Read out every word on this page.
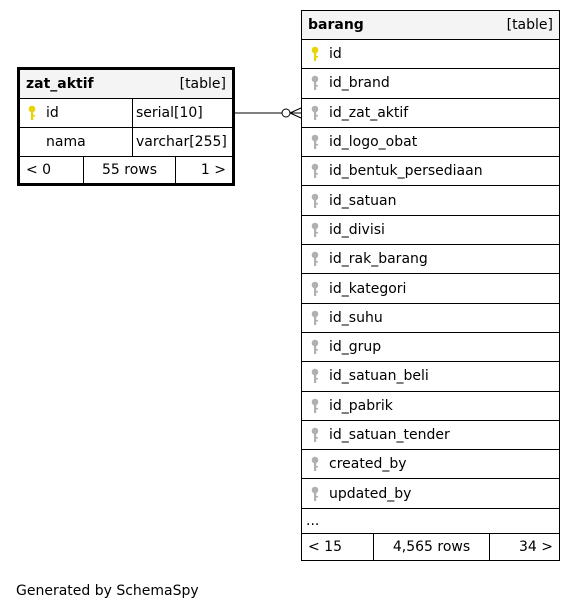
zat_aktif	[table]
id	serial[10]
nama	varchar[255]
< 0	55 rows	1 >
barang	[table]
id
id_brand
id_zat_aktif
id_logo_obat
id_bentuk_persediaan
id_satuan
id_divisi
id_rak_barang
id_kategori
id_suhu
id_grup
id_satuan_beli
id_pabrik
id_satuan_tender
created_by
updated_by
...
< 15	4,565 rows	34 >
Generated by SchemaSpy
